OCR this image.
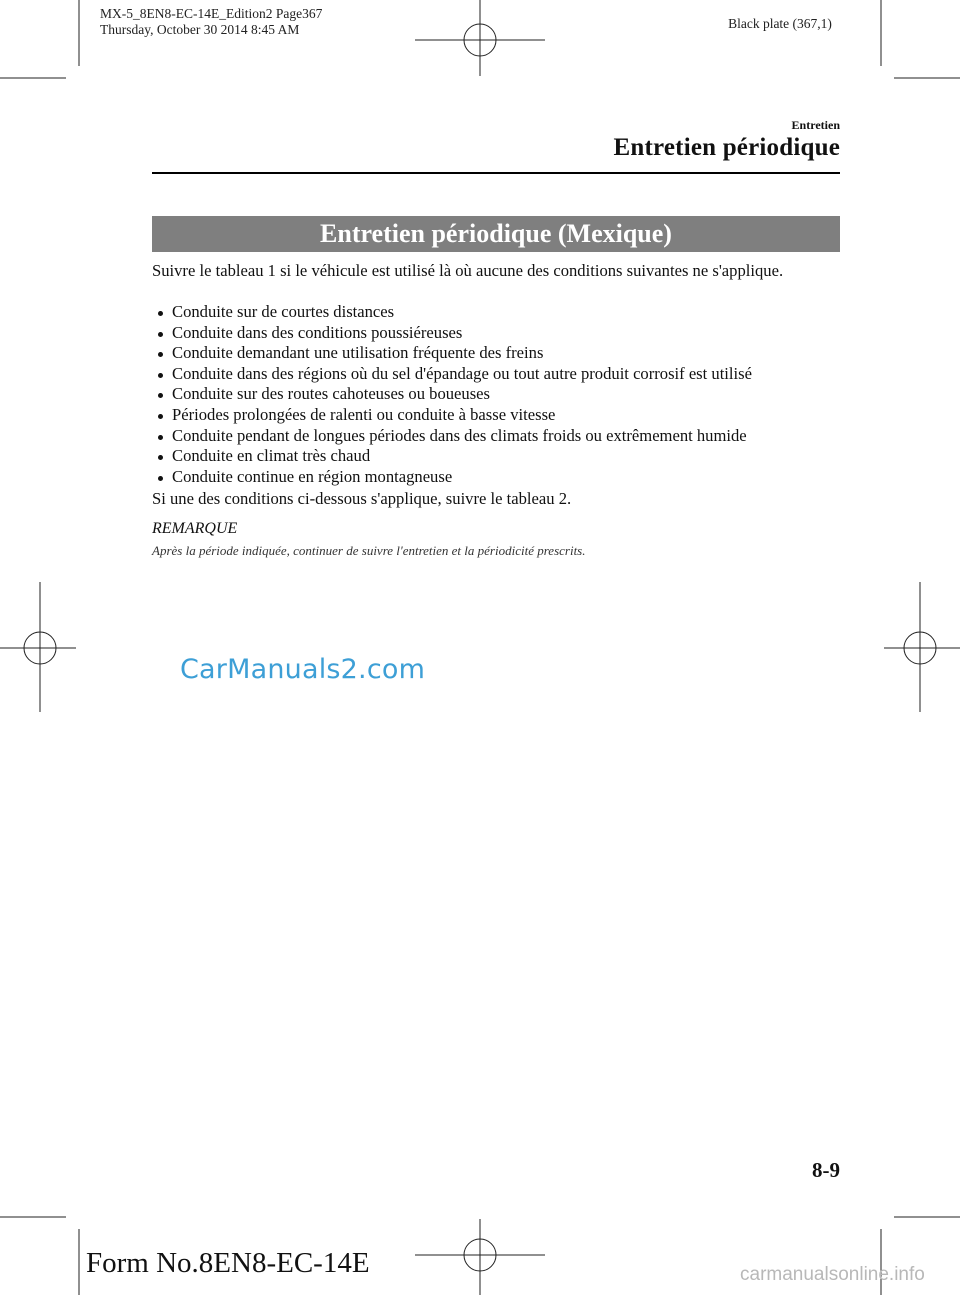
MX-5_8EN8-EC-14E_Edition2 Page367
Thursday, October 30 2014 8:45 AM	Black plate (367,1)
Entretien
Entretien périodique
Entretien périodique (Mexique)
Suivre le tableau 1 si le véhicule est utilisé là où aucune des conditions suivantes ne s'applique.
Conduite sur de courtes distances
Conduite dans des conditions poussiéreuses
Conduite demandant une utilisation fréquente des freins
Conduite dans des régions où du sel d'épandage ou tout autre produit corrosif est utilisé
Conduite sur des routes cahoteuses ou boueuses
Périodes prolongées de ralenti ou conduite à basse vitesse
Conduite pendant de longues périodes dans des climats froids ou extrêmement humide
Conduite en climat très chaud
Conduite continue en région montagneuse
Si une des conditions ci-dessous s'applique, suivre le tableau 2.
REMARQUE
Après la période indiquée, continuer de suivre l'entretien et la périodicité prescrits.
CarManuals2.com
8-9
Form No.8EN8-EC-14E	carmanualsonline.info
